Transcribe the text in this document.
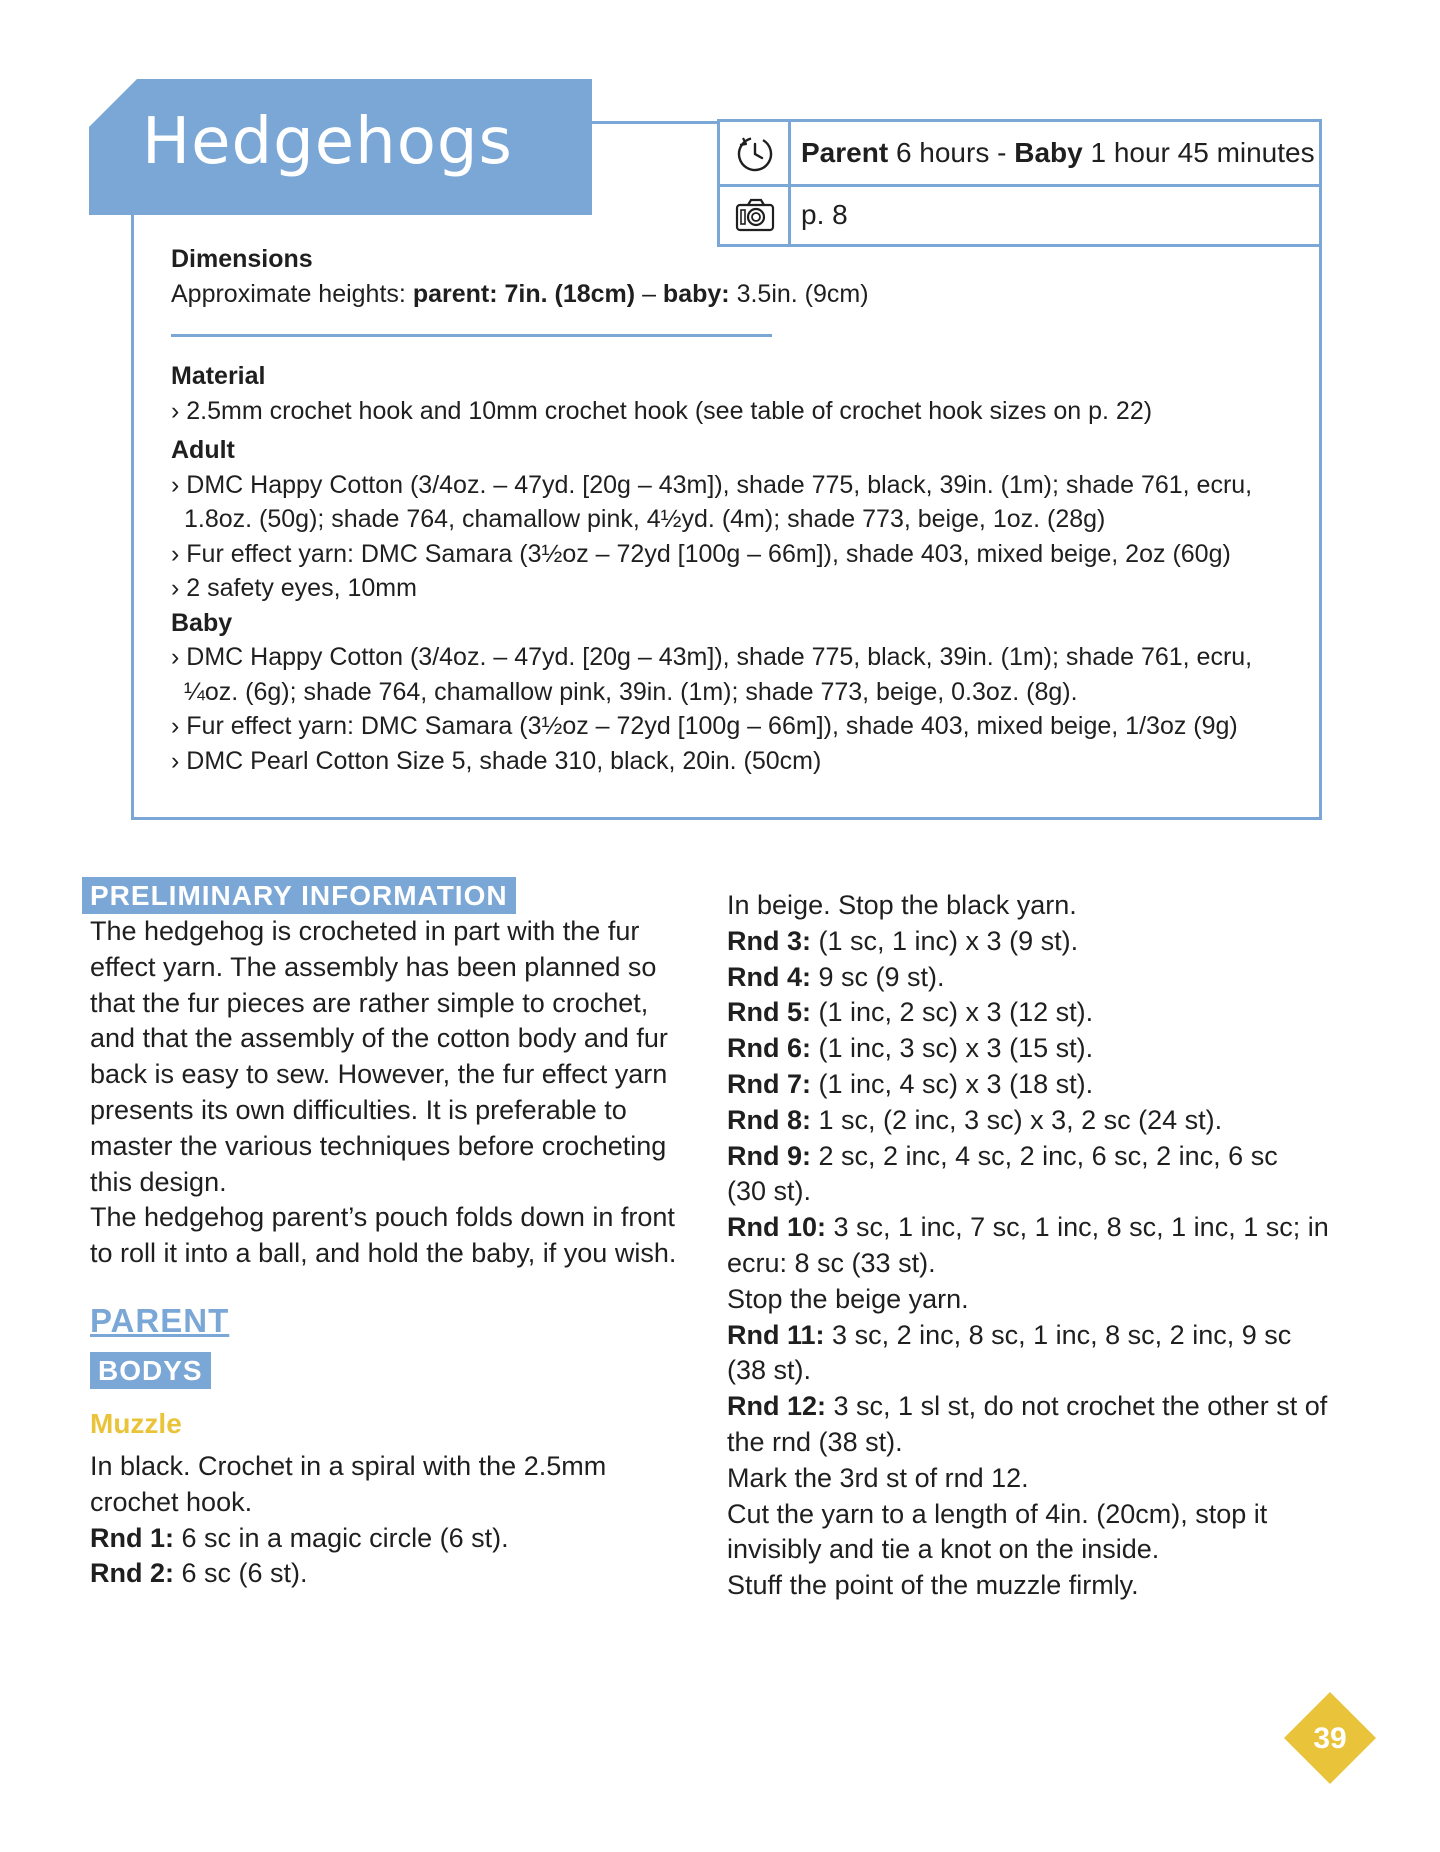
Hedgehogs	Parent 6 hours - Baby 1 hour 45 minutes
p. 8
Dimensions
Approximate heights: parent: 7in. (18cm) – baby: 3.5in. (9cm)
Material
› 2.5mm crochet hook and 10mm crochet hook (see table of crochet hook sizes on p. 22)
Adult
› DMC Happy Cotton (3/4oz. – 47yd. [20g – 43m]), shade 775, black, 39in. (1m); shade 761, ecru,
1.8oz. (50g); shade 764, chamallow pink, 4½yd. (4m); shade 773, beige, 1oz. (28g)
› Fur effect yarn: DMC Samara (3½oz – 72yd [100g – 66m]), shade 403, mixed beige, 2oz (60g)
› 2 safety eyes, 10mm
Baby
› DMC Happy Cotton (3/4oz. – 47yd. [20g – 43m]), shade 775, black, 39in. (1m); shade 761, ecru,
¼oz. (6g); shade 764, chamallow pink, 39in. (1m); shade 773, beige, 0.3oz. (8g).
› Fur effect yarn: DMC Samara (3½oz – 72yd [100g – 66m]), shade 403, mixed beige, 1/3oz (9g)
› DMC Pearl Cotton Size 5, shade 310, black, 20in. (50cm)
PRELIMINARY INFORMATION
The hedgehog is crocheted in part with the fur
effect yarn. The assembly has been planned so
that the fur pieces are rather simple to crochet,
and that the assembly of the cotton body and fur
back is easy to sew. However, the fur effect yarn
presents its own difficulties. It is preferable to
master the various techniques before crocheting
this design.
The hedgehog parent’s pouch folds down in front
to roll it into a ball, and hold the baby, if you wish.
PARENT
BODYS
Muzzle
In black. Crochet in a spiral with the 2.5mm
crochet hook.
Rnd 1: 6 sc in a magic circle (6 st).
Rnd 2: 6 sc (6 st).
In beige. Stop the black yarn.
Rnd 3: (1 sc, 1 inc) x 3 (9 st).
Rnd 4: 9 sc (9 st).
Rnd 5: (1 inc, 2 sc) x 3 (12 st).
Rnd 6: (1 inc, 3 sc) x 3 (15 st).
Rnd 7: (1 inc, 4 sc) x 3 (18 st).
Rnd 8: 1 sc, (2 inc, 3 sc) x 3, 2 sc (24 st).
Rnd 9: 2 sc, 2 inc, 4 sc, 2 inc, 6 sc, 2 inc, 6 sc
(30 st).
Rnd 10: 3 sc, 1 inc, 7 sc, 1 inc, 8 sc, 1 inc, 1 sc; in
ecru: 8 sc (33 st).
Stop the beige yarn.
Rnd 11: 3 sc, 2 inc, 8 sc, 1 inc, 8 sc, 2 inc, 9 sc
(38 st).
Rnd 12: 3 sc, 1 sl st, do not crochet the other st of
the rnd (38 st).
Mark the 3rd st of rnd 12.
Cut the yarn to a length of 4in. (20cm), stop it
invisibly and tie a knot on the inside.
Stuff the point of the muzzle firmly.
39
